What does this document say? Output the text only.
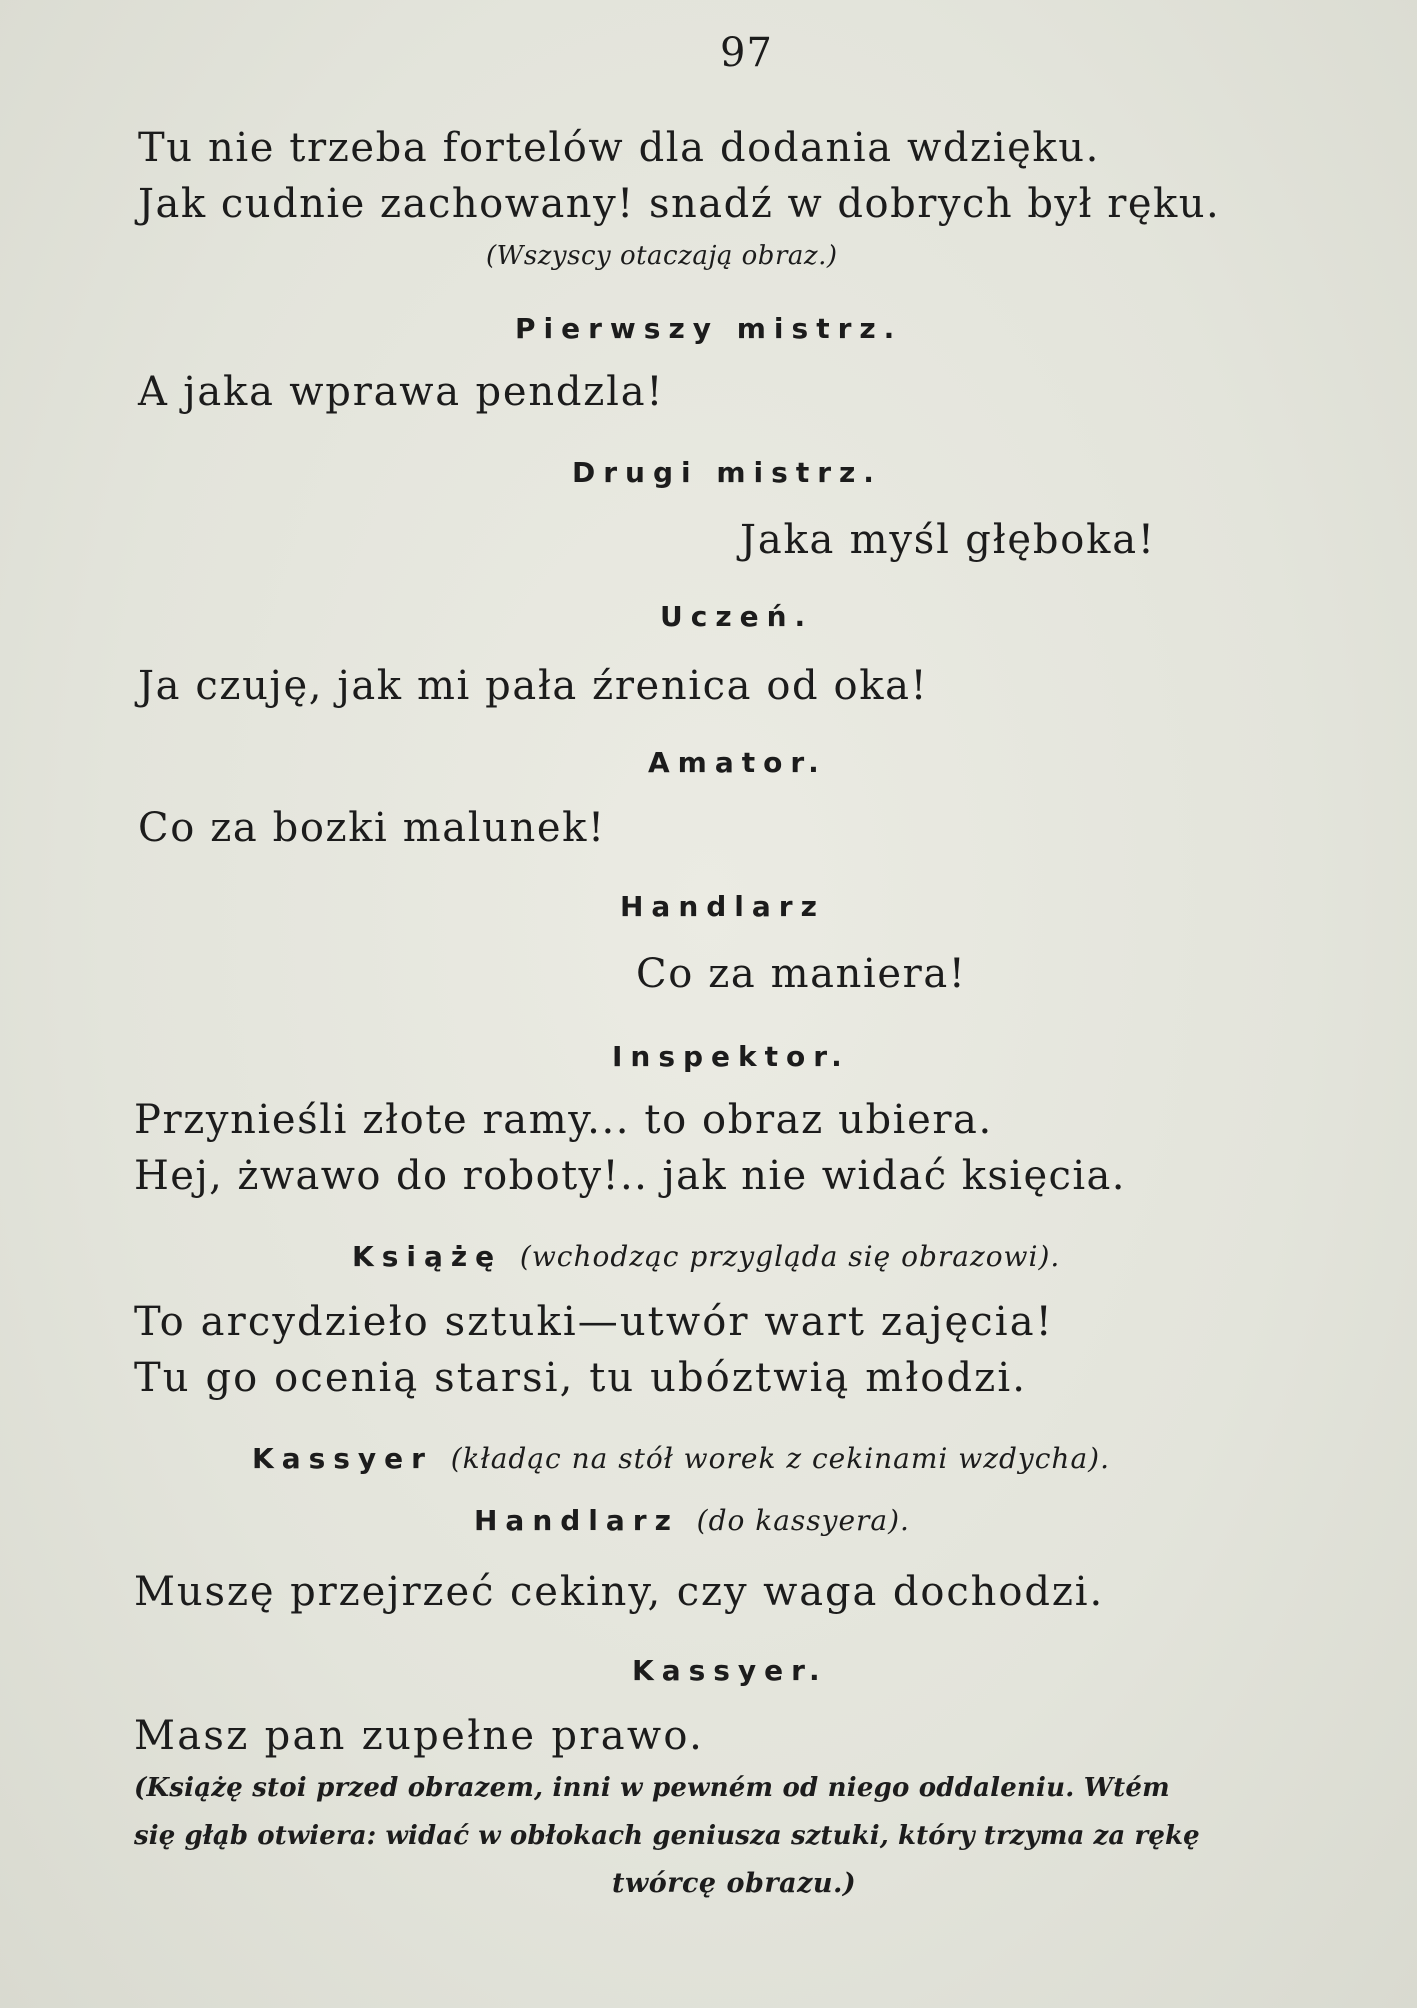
97
Tu nie trzeba fortelów dla dodania wdzięku.
Jak cudnie zachowany! snadź w dobrych był ręku.
(Wszyscy otaczają obraz.)
Pierwszy mistrz.
A jaka wprawa pendzla!
Drugi mistrz.
Jaka myśl głęboka!
Uczeń.
Ja czuję, jak mi pała źrenica od oka!
Amator.
Co za bozki malunek!
Handlarz
Co za maniera!
Inspektor.
Przynieśli złote ramy... to obraz ubiera.
Hej, żwawo do roboty!.. jak nie widać księcia.
Książę (wchodząc przygląda się obrazowi).
To arcydzieło sztuki—utwór wart zajęcia!
Tu go ocenią starsi, tu ubóztwią młodzi.
Kassyer (kładąc na stół worek z cekinami wzdycha).
Handlarz (do kassyera).
Muszę przejrzeć cekiny, czy waga dochodzi.
Kassyer.
Masz pan zupełne prawo.
(Książę stoi przed obrazem, inni w pewném od niego oddaleniu. Wtém
się głąb otwiera: widać w obłokach geniusza sztuki, który trzyma za rękę
twórcę obrazu.)
